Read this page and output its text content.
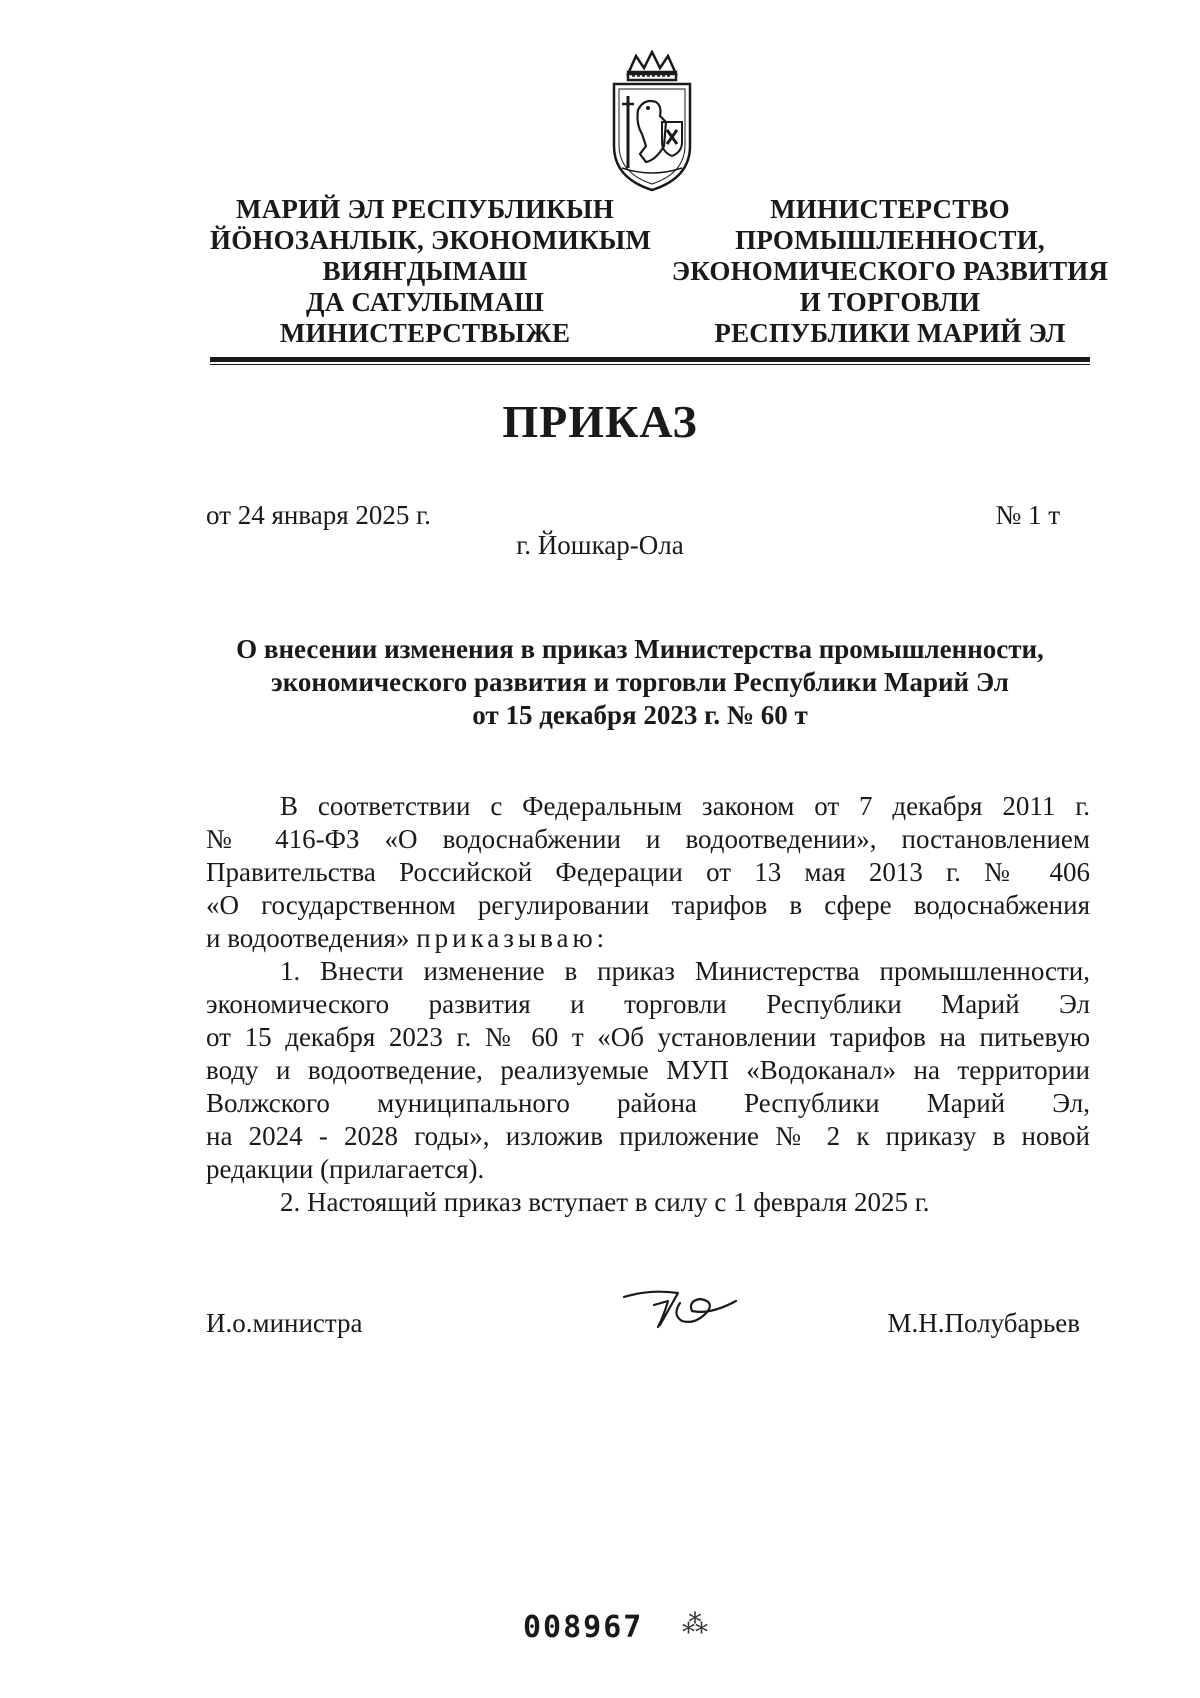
МАРИЙ ЭЛ РЕСПУБЛИКЫН
ЙӦНОЗАНЛЫК, ЭКОНОМИКЫМ
ВИЯҤДЫМАШ
ДА САТУЛЫМАШ
МИНИСТЕРСТВЫЖЕ
МИНИСТЕРСТВО
ПРОМЫШЛЕННОСТИ,
ЭКОНОМИЧЕСКОГО РАЗВИТИЯ
И ТОРГОВЛИ
РЕСПУБЛИКИ МАРИЙ ЭЛ
ПРИКАЗ
от 24 января 2025 г.	№ 1 т
г. Йошкар-Ола
О внесении изменения в приказ Министерства промышленности,
экономического развития и торговли Республики Марий Эл
от 15 декабря 2023 г. № 60 т
В соответствии с Федеральным законом от 7 декабря 2011 г.
№ 416-ФЗ «О водоснабжении и водоотведении», постановлением
Правительства Российской Федерации от 13 мая 2013 г. № 406
«О государственном регулировании тарифов в сфере водоснабжения
и водоотведения» приказываю:
1. Внести изменение в приказ Министерства промышленности,
экономического развития и торговли Республики Марий Эл
от 15 декабря 2023 г. № 60 т «Об установлении тарифов на питьевую
воду и водоотведение, реализуемые МУП «Водоканал» на территории
Волжского муниципального района Республики Марий Эл,
на 2024 - 2028 годы», изложив приложение № 2 к приказу в новой
редакции (прилагается).
2. Настоящий приказ вступает в силу с 1 февраля 2025 г.
И.о.министра	М.Н.Полубарьев
008967 ⁂
